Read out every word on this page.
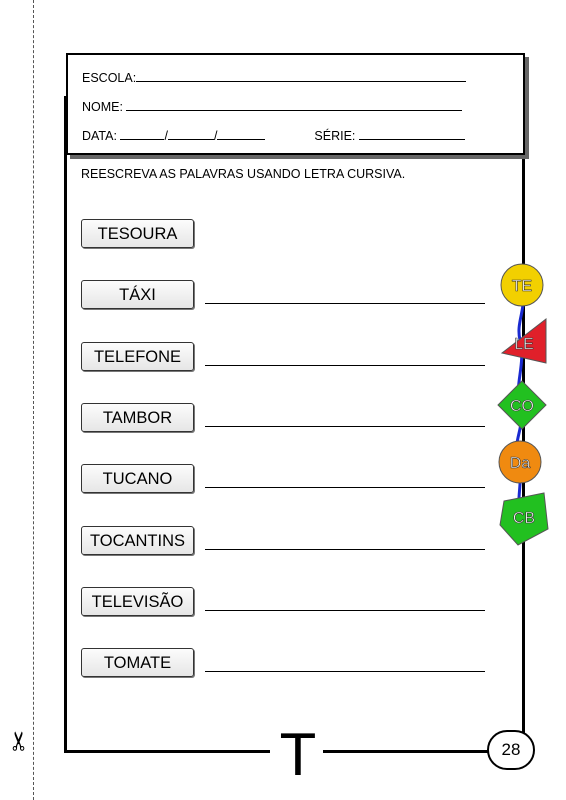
✂	T	28
ESCOLA:
NOME:
DATA:	/	/	SÉRIE:
REESCREVA AS PALAVRAS USANDO LETRA CURSIVA.
TESOURA
TÁXI
TELEFONE
TAMBOR
TUCANO
TOCANTINS
TELEVISÃO
TOMATE
TE
LE
CO
Da
CB
